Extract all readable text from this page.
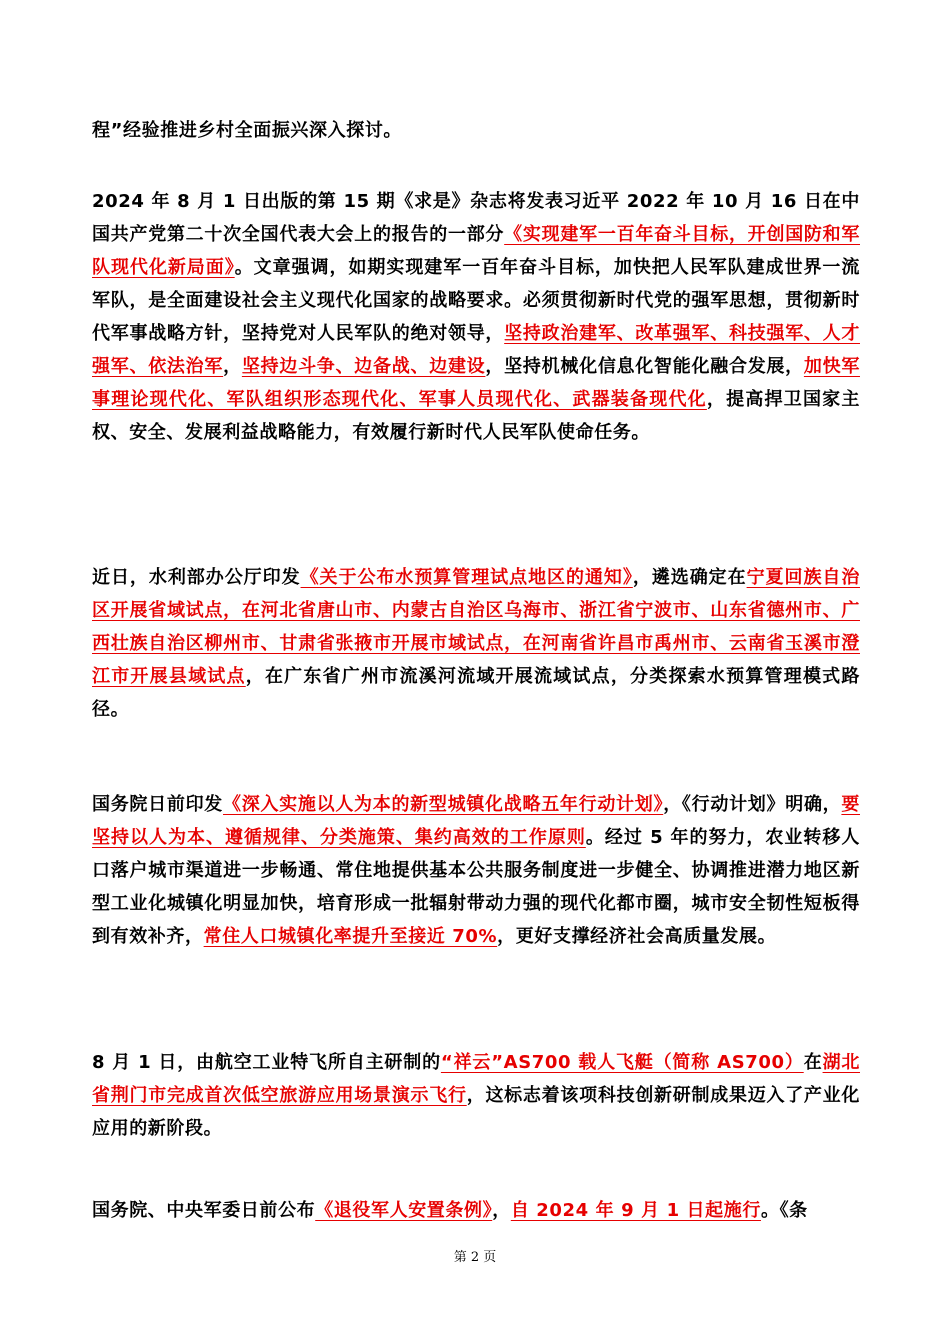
程”经验推进乡村全面振兴深入探讨。

2024 年 8 月 1 日出版的第 15 期《求是》杂志将发表习近平 2022 年 10 月 16 日在中国共产党第二十次全国代表大会上的报告的一部分《实现建军一百年奋斗目标，开创国防和军队现代化新局面》。文章强调，如期实现建军一百年奋斗目标，加快把人民军队建成世界一流军队，是全面建设社会主义现代化国家的战略要求。必须贯彻新时代党的强军思想，贯彻新时代军事战略方针，坚持党对人民军队的绝对领导，坚持政治建军、改革强军、科技强军、人才强军、依法治军，坚持边斗争、边备战、边建设，坚持机械化信息化智能化融合发展，加快军事理论现代化、军队组织形态现代化、军事人员现代化、武器装备现代化，提高捍卫国家主权、安全、发展利益战略能力，有效履行新时代人民军队使命任务。

近日，水利部办公厅印发《关于公布水预算管理试点地区的通知》，遴选确定在宁夏回族自治区开展省域试点，在河北省唐山市、内蒙古自治区乌海市、浙江省宁波市、山东省德州市、广西壮族自治区柳州市、甘肃省张掖市开展市域试点，在河南省许昌市禹州市、云南省玉溪市澄江市开展县域试点，在广东省广州市流溪河流域开展流域试点，分类探索水预算管理模式路径。

国务院日前印发《深入实施以人为本的新型城镇化战略五年行动计划》，《行动计划》明确，要坚持以人为本、遵循规律、分类施策、集约高效的工作原则。经过 5 年的努力，农业转移人口落户城市渠道进一步畅通、常住地提供基本公共服务制度进一步健全、协调推进潜力地区新型工业化城镇化明显加快，培育形成一批辐射带动力强的现代化都市圈，城市安全韧性短板得到有效补齐，常住人口城镇化率提升至接近 70%，更好支撑经济社会高质量发展。

8 月 1 日，由航空工业特飞所自主研制的“祥云”AS700 载人飞艇（简称 AS700）在湖北省荆门市完成首次低空旅游应用场景演示飞行，这标志着该项科技创新研制成果迈入了产业化应用的新阶段。

国务院、中央军委日前公布《退役军人安置条例》，自 2024 年 9 月 1 日起施行。《条

第 2 页
